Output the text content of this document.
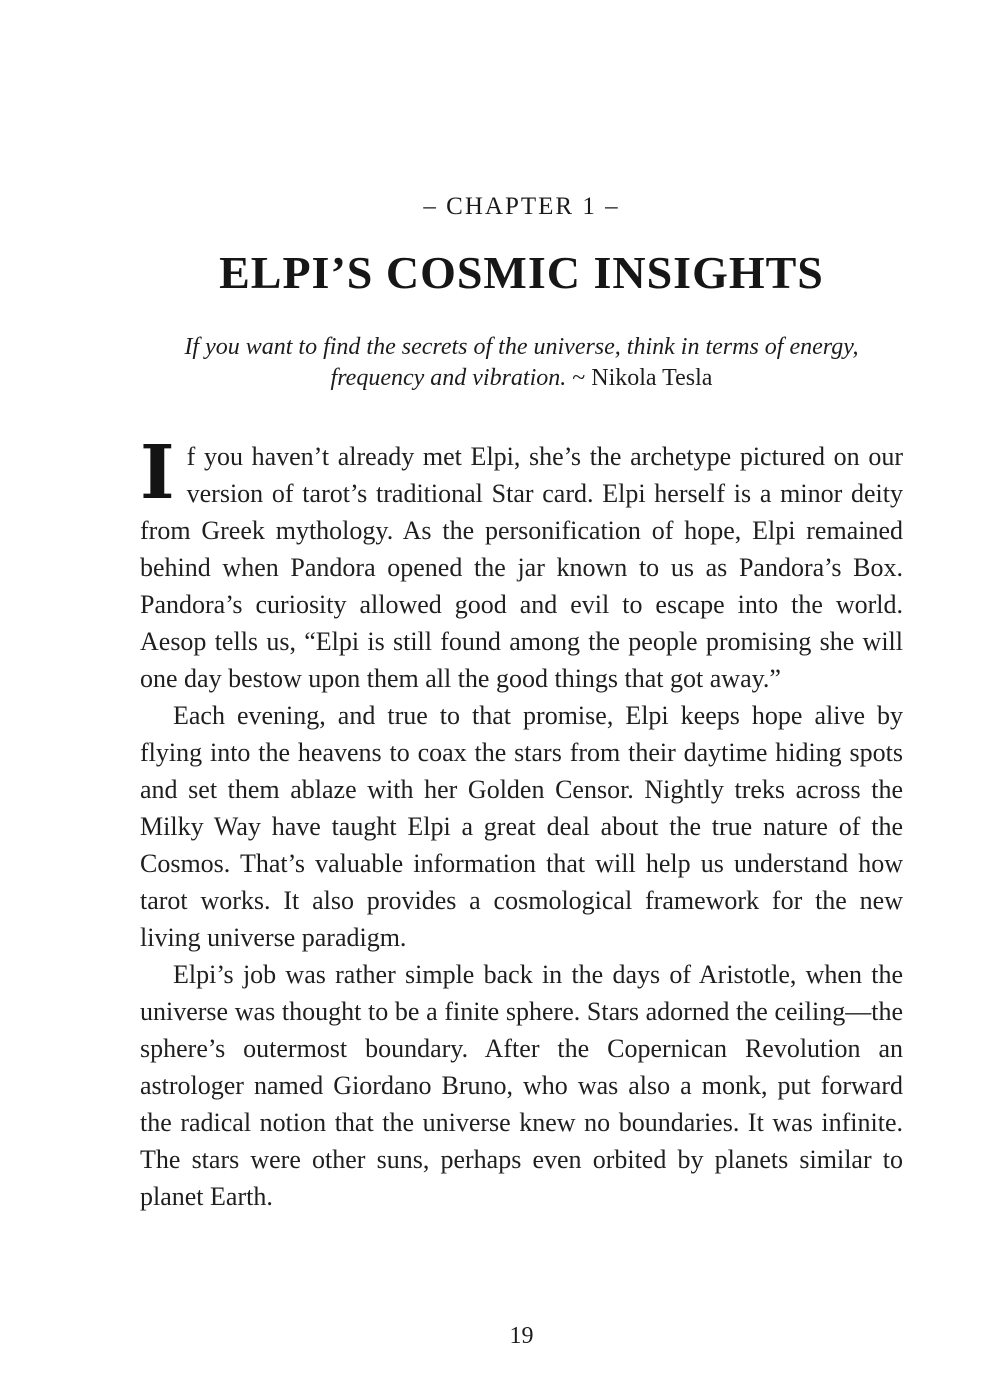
– CHAPTER 1 –
ELPI’S COSMIC INSIGHTS
If you want to find the secrets of the universe, think in terms of energy, frequency and vibration. ~ Nikola Tesla

If you haven’t already met Elpi, she’s the archetype pictured on our version of tarot’s traditional Star card. Elpi herself is a minor deity from Greek mythology. As the personification of hope, Elpi remained behind when Pandora opened the jar known to us as Pandora’s Box. Pandora’s curiosity allowed good and evil to escape into the world. Aesop tells us, “Elpi is still found among the people promising she will one day bestow upon them all the good things that got away.”

Each evening, and true to that promise, Elpi keeps hope alive by flying into the heavens to coax the stars from their daytime hiding spots and set them ablaze with her Golden Censor. Nightly treks across the Milky Way have taught Elpi a great deal about the true nature of the Cosmos. That’s valuable information that will help us understand how tarot works. It also provides a cosmological framework for the new living universe paradigm.

Elpi’s job was rather simple back in the days of Aristotle, when the universe was thought to be a finite sphere. Stars adorned the ceiling—the sphere’s outermost boundary. After the Copernican Revolution an astrologer named Giordano Bruno, who was also a monk, put forward the radical notion that the universe knew no boundaries. It was infinite. The stars were other suns, perhaps even orbited by planets similar to planet Earth.

19
